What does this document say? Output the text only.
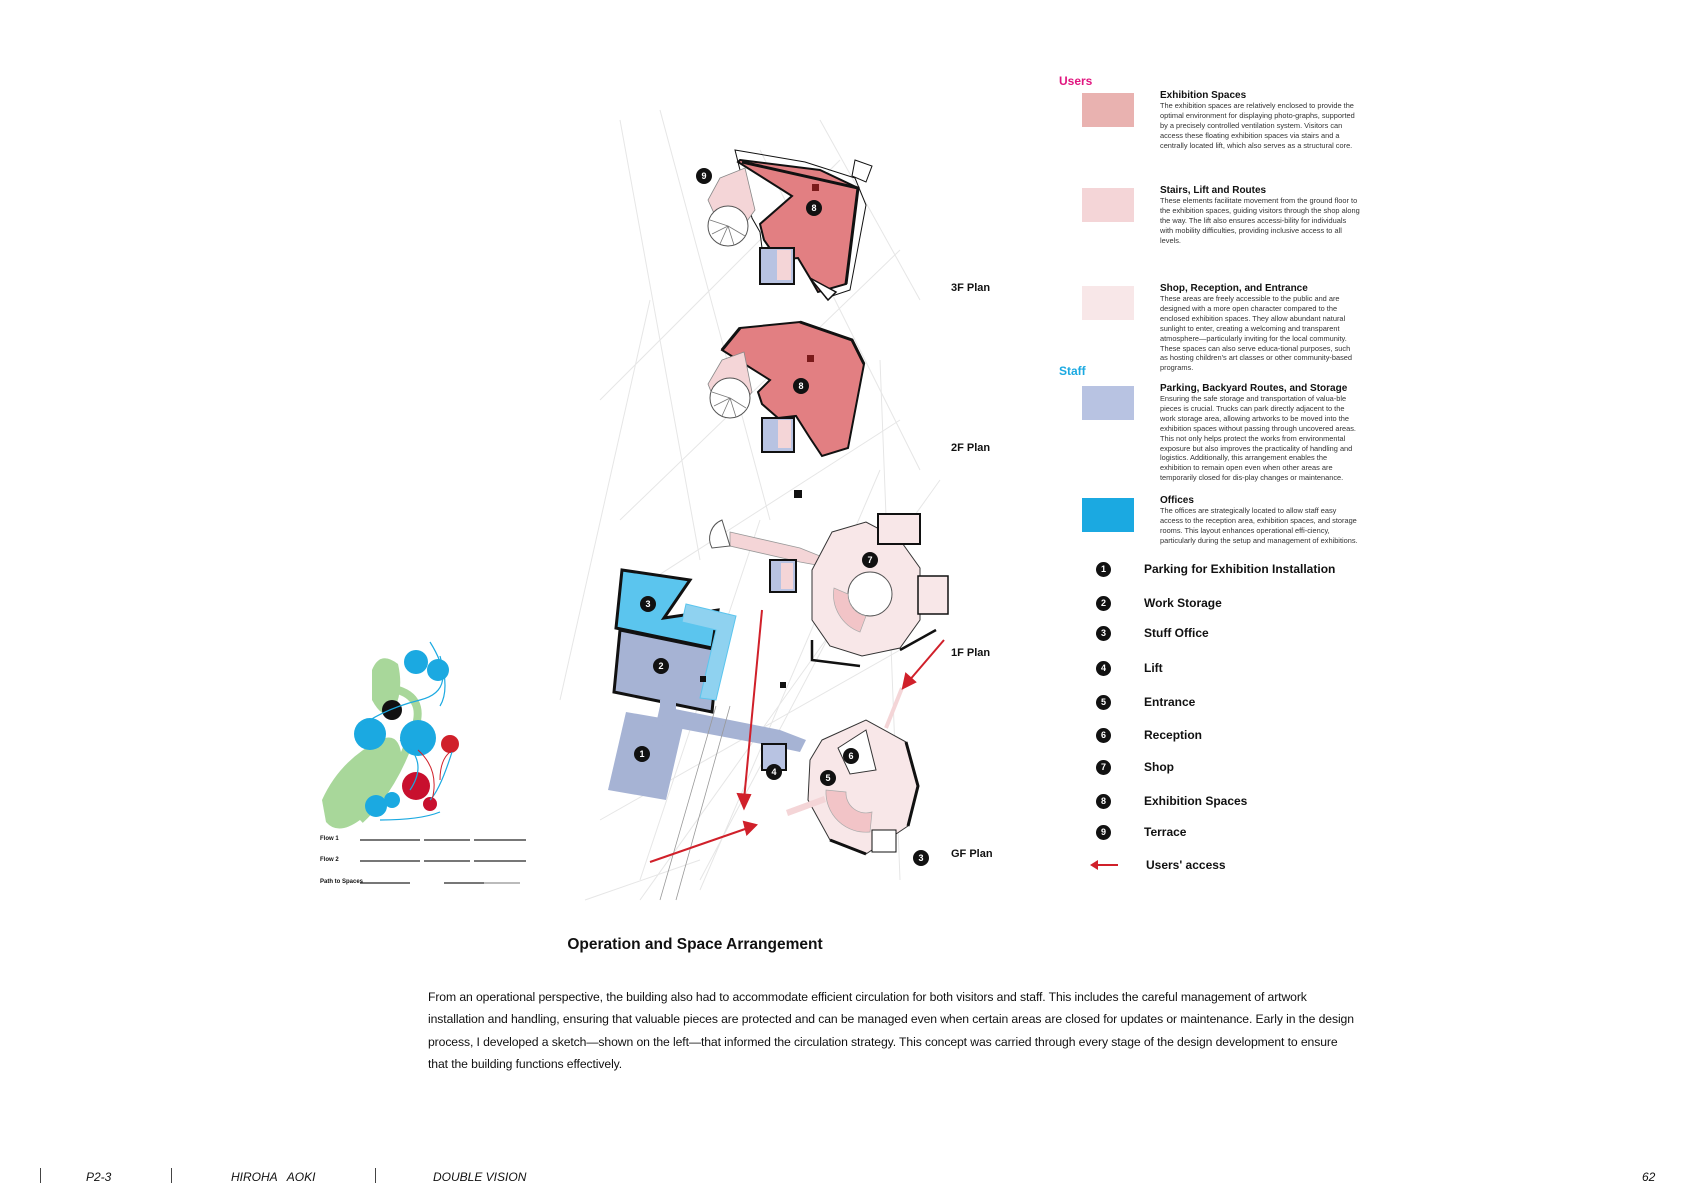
Flow 1
Flow 2
Path to Spaces
9
8
8
3
2
1
7
4
5
6
3
3F Plan
2F Plan
1F Plan
GF Plan
Users
Staff
Exhibition Spaces
The exhibition spaces are relatively enclosed to provide the optimal environment for displaying photo-graphs, supported by a precisely controlled ventilation system. Visitors can access these floating exhibition spaces via stairs and a centrally located lift, which also serves as a structural core.
Stairs, Lift and Routes
These elements facilitate movement from the ground floor to the exhibition spaces, guiding visitors through the shop along the way. The lift also ensures accessi-bility for individuals with mobility difficulties, providing inclusive access to all levels.
Shop, Reception, and Entrance
These areas are freely accessible to the public and are designed with a more open character compared to the enclosed exhibition spaces. They allow abundant natural sunlight to enter, creating a welcoming and transparent atmosphere—particularly inviting for the local community. These spaces can also serve educa-tional purposes, such as hosting children's art classes or other community-based programs.
Parking, Backyard Routes, and Storage
Ensuring the safe storage and transportation of valua-ble pieces is crucial. Trucks can park directly adjacent to the work storage area, allowing artworks to be moved into the exhibition spaces without passing through uncovered areas. This not only helps protect the works from environmental exposure but also improves the practicality of handling and logistics. Additionally, this arrangement enables the exhibition to remain open even when other areas are temporarily closed for dis-play changes or maintenance.
Offices
The offices are strategically located to allow staff easy access to the reception area, exhibition spaces, and storage rooms. This layout enhances operational effi-ciency, particularly during the setup and management of exhibitions.
1	Parking for Exhibition Installation
2	Work Storage
3	Stuff Office
4	Lift
5	Entrance
6	Reception
7	Shop
8	Exhibition Spaces
9	Terrace
Users' access
Operation and Space Arrangement
From an operational perspective, the building also had to accommodate efficient circulation for both visitors and staff. This includes the careful management of artwork installation and handling, ensuring that valuable pieces are protected and can be managed even when certain areas are closed for updates or maintenance. Early in the design process, I developed a sketch—shown on the left—that informed the circulation strategy. This concept was carried through every stage of the design development to ensure that the building functions effectively.
P2-3	HIROHA   AOKI	DOUBLE VISION	62
